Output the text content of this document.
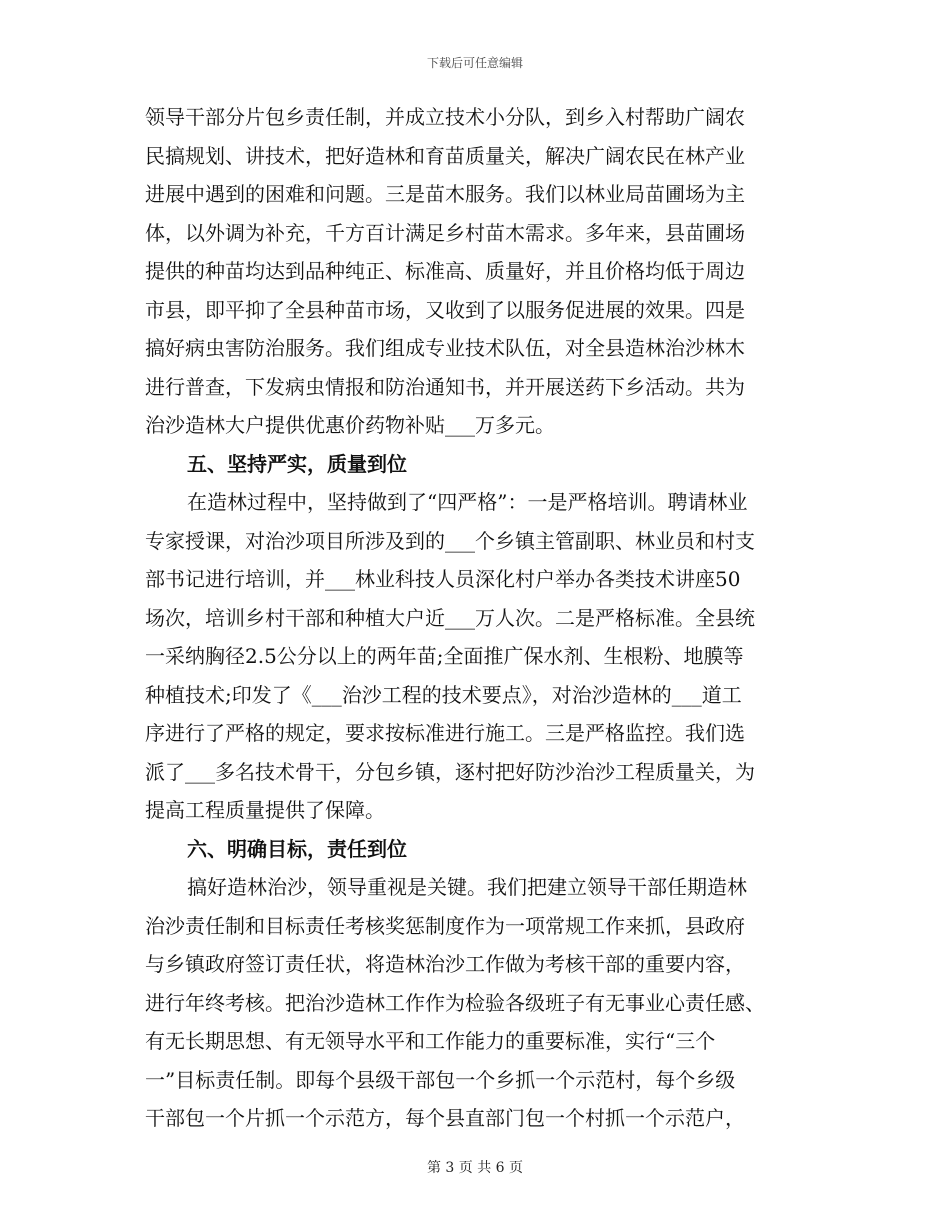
下载后可任意编辑
领导干部分片包乡责任制，并成立技术小分队，到乡入村帮助广阔农
民搞规划、讲技术，把好造林和育苗质量关，解决广阔农民在林产业
进展中遇到的困难和问题。三是苗木服务。我们以林业局苗圃场为主
体，以外调为补充，千方百计满足乡村苗木需求。多年来，县苗圃场
提供的种苗均达到品种纯正、标准高、质量好，并且价格均低于周边
市县，即平抑了全县种苗市场，又收到了以服务促进展的效果。四是
搞好病虫害防治服务。我们组成专业技术队伍，对全县造林治沙林木
进行普查，下发病虫情报和防治通知书，并开展送药下乡活动。共为
治沙造林大户提供优惠价药物补贴___万多元。
五、坚持严实，质量到位
在造林过程中，坚持做到了“四严格”：一是严格培训。聘请林业
专家授课，对治沙项目所涉及到的___个乡镇主管副职、林业员和村支
部书记进行培训，并___林业科技人员深化村户举办各类技术讲座50
场次，培训乡村干部和种植大户近___万人次。二是严格标准。全县统
一采纳胸径2.5公分以上的两年苗;全面推广保水剂、生根粉、地膜等
种植技术;印发了《___治沙工程的技术要点》，对治沙造林的___道工
序进行了严格的规定，要求按标准进行施工。三是严格监控。我们选
派了___多名技术骨干，分包乡镇，逐村把好防沙治沙工程质量关，为
提高工程质量提供了保障。
六、明确目标，责任到位
搞好造林治沙，领导重视是关键。我们把建立领导干部任期造林
治沙责任制和目标责任考核奖惩制度作为一项常规工作来抓，县政府
与乡镇政府签订责任状，将造林治沙工作做为考核干部的重要内容，
进行年终考核。把治沙造林工作作为检验各级班子有无事业心责任感、
有无长期思想、有无领导水平和工作能力的重要标准，实行“三个
一”目标责任制。即每个县级干部包一个乡抓一个示范村，每个乡级
干部包一个片抓一个示范方，每个县直部门包一个村抓一个示范户，
第 3 页 共 6 页
